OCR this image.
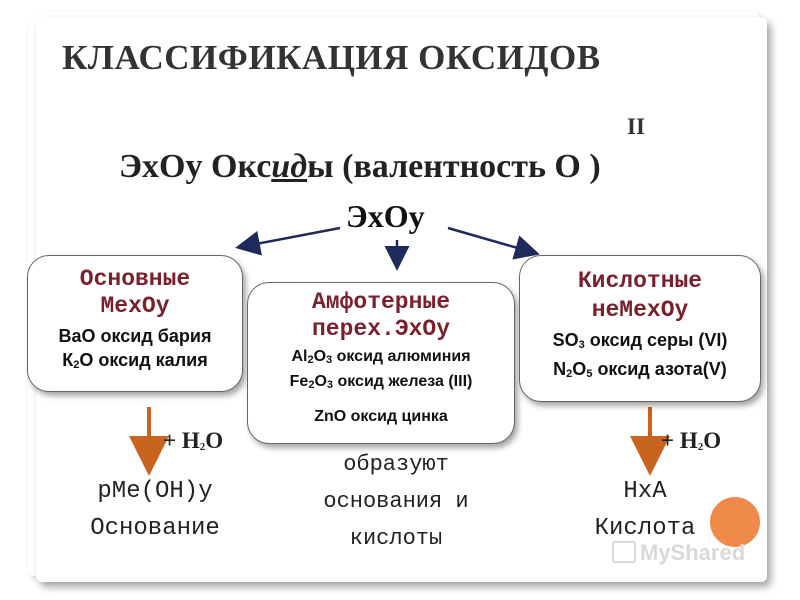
КЛАССИФИКАЦИЯ ОКСИДОВ
II
ЭхОу Оксиды (валентность О )
ЭхОу
Основные
MeхOу
ВаО оксид бария
$К_2О$ оксид калия
Амфотерные
перех.ЭхОу
$Al_2O_3$ оксид алюминия
$Fe_2O_3$ оксид железа (III)
ZnO оксид цинка
Кислотные
неMeхOу
$SO_3$ оксид серы (VI)
$N_2O_5$ оксид азота(V)
+ $Н_2О$	+ $Н_2О$
рМе(ОН)у
Основание
образуют
основания и
кислоты
НхА
Кислота
MyShared
